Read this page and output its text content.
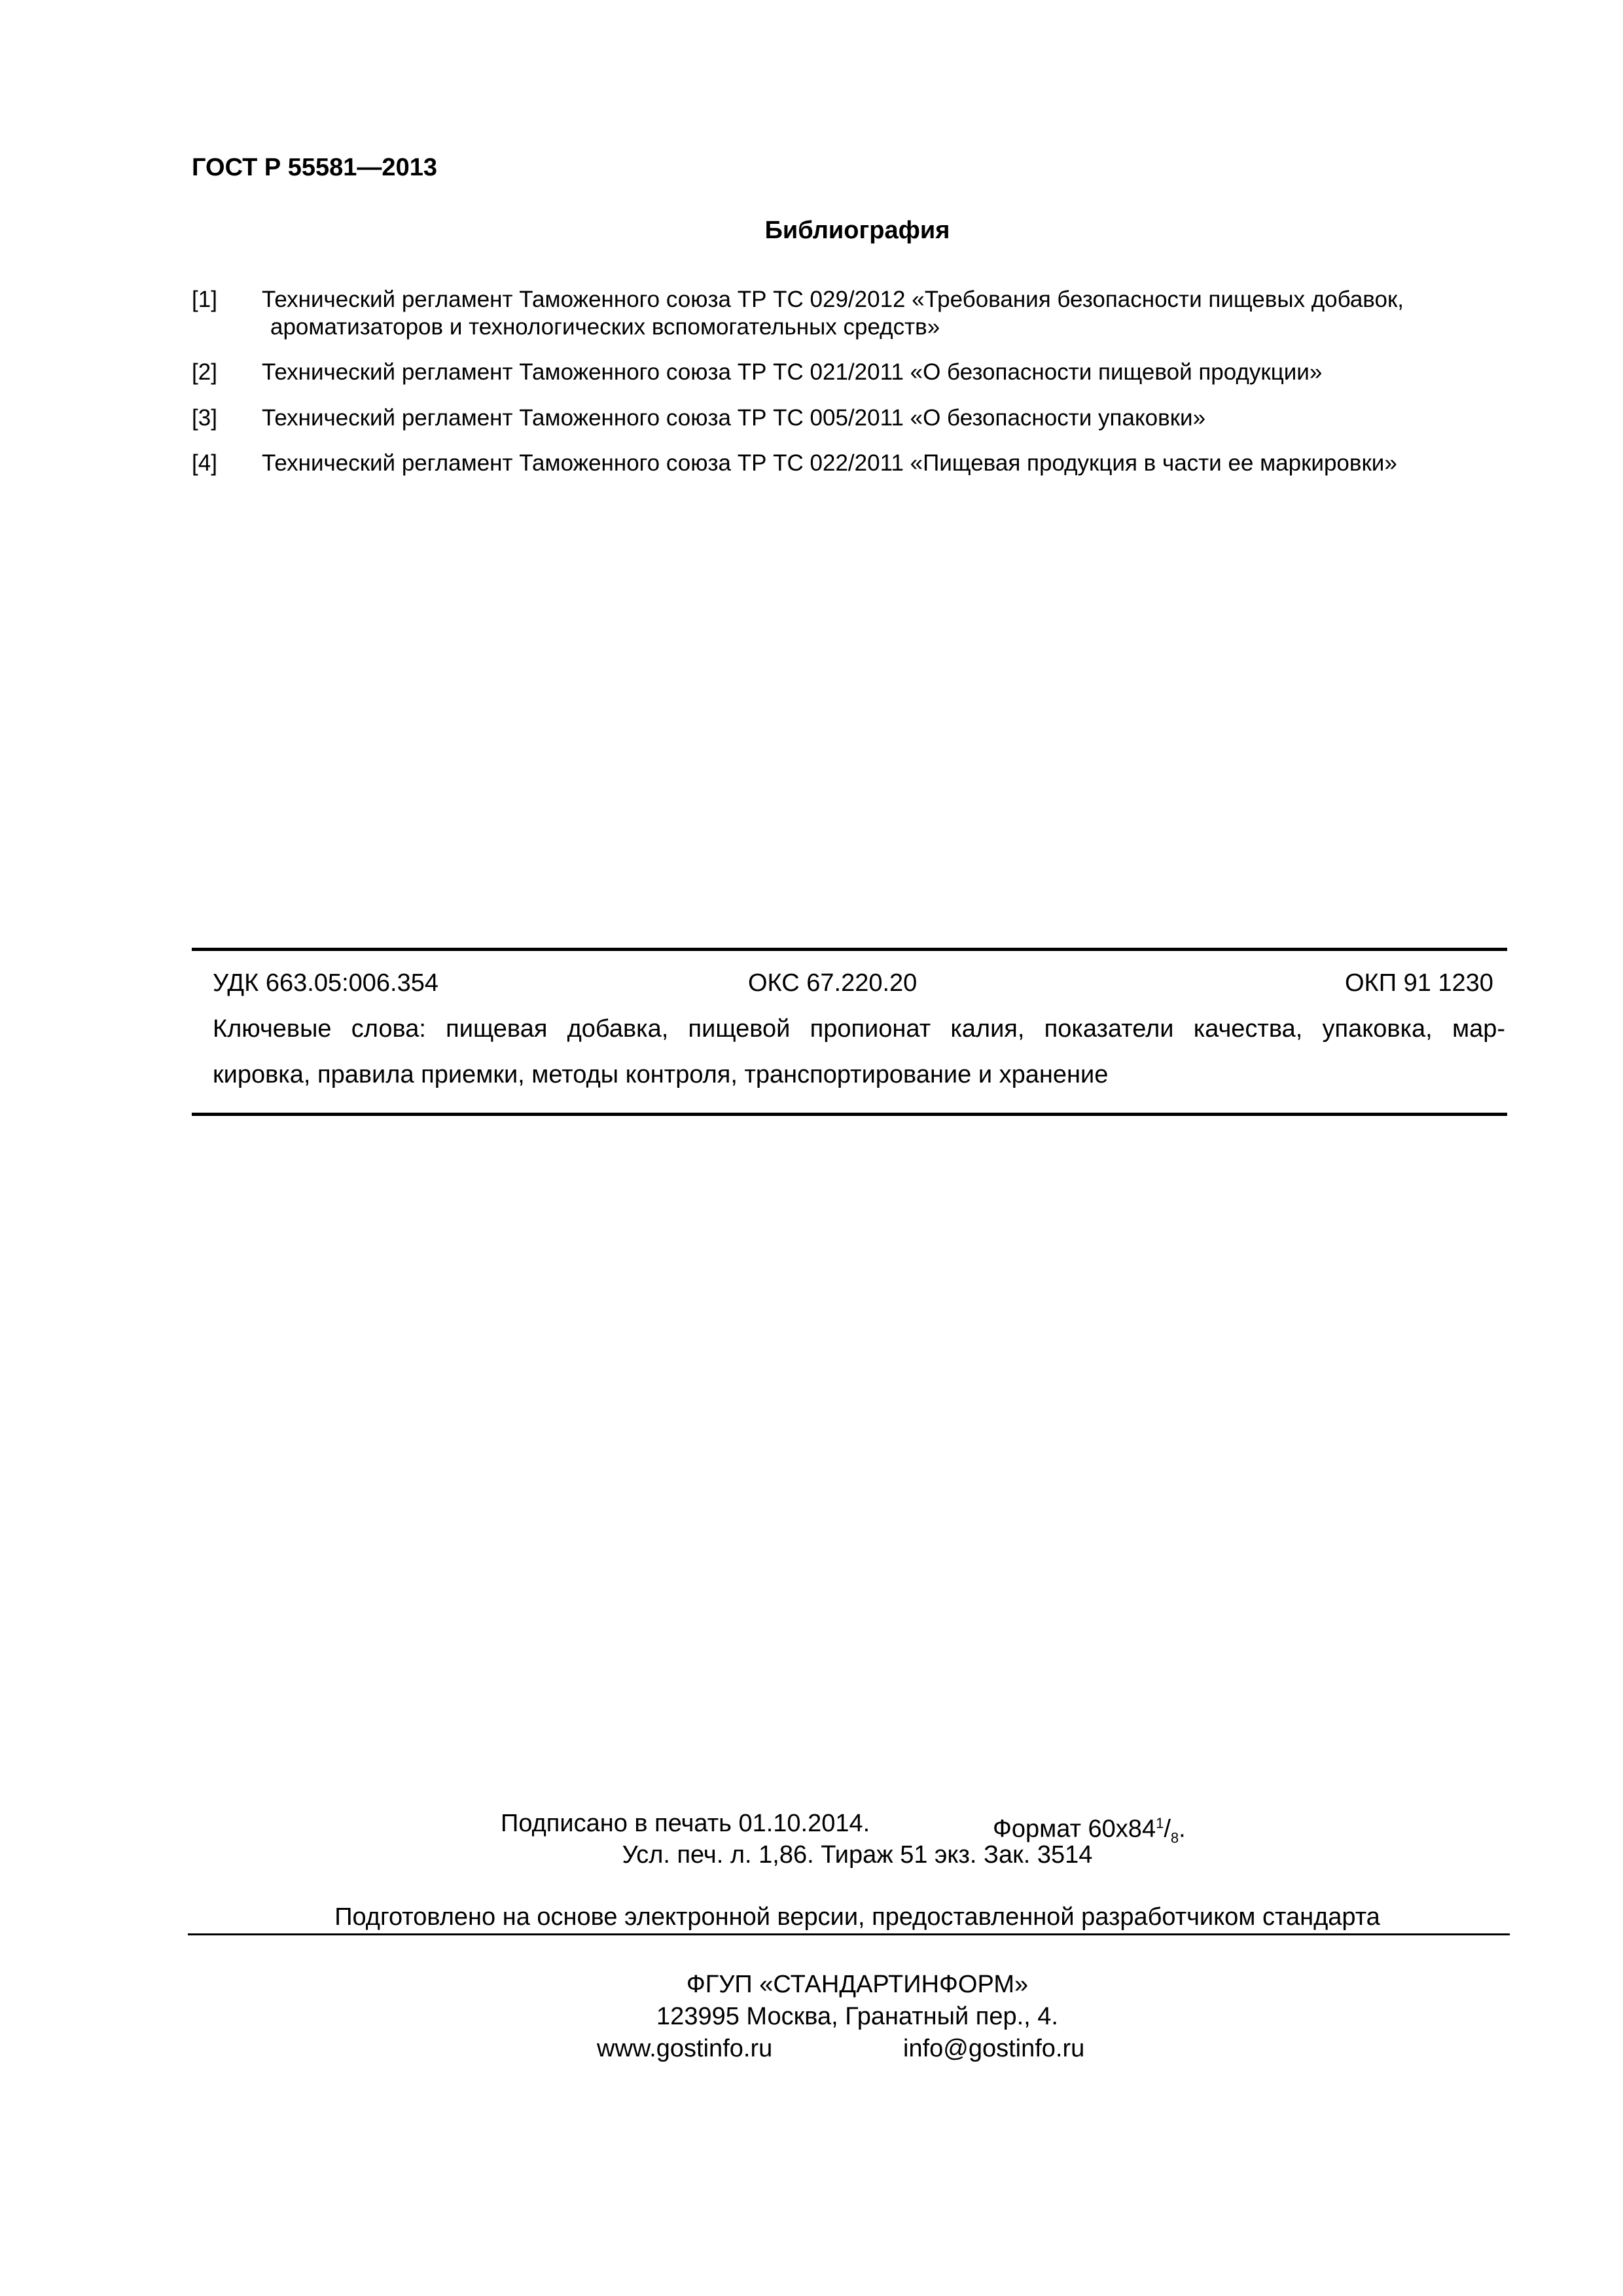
ГОСТ Р 55581—2013
Библиография
[1] Технический регламент Таможенного союза ТР ТС 029/2012 «Требования безопасности пищевых добавок,
ароматизаторов и технологических вспомогательных средств»
[2] Технический регламент Таможенного союза ТР ТС 021/2011 «О безопасности пищевой продукции»
[3] Технический регламент Таможенного союза ТР ТС 005/2011 «О безопасности упаковки»
[4] Технический регламент Таможенного союза ТР ТС 022/2011 «Пищевая продукция в части ее маркировки»
УДК 663.05:006.354	ОКС 67.220.20	ОКП 91 1230
Ключевые слова: пищевая добавка, пищевой пропионат калия, показатели качества, упаковка, мар-
кировка, правила приемки, методы контроля, транспортирование и хранение
Подписано в печать 01.10.2014.	Формат $60х84^1/_8$.
Усл. печ. л. 1,86. Тираж 51 экз. Зак. 3514
Подготовлено на основе электронной версии, предоставленной разработчиком стандарта
ФГУП «СТАНДАРТИНФОРМ»
123995 Москва, Гранатный пер., 4.
www.gostinfo.ru	info@gostinfo.ru
